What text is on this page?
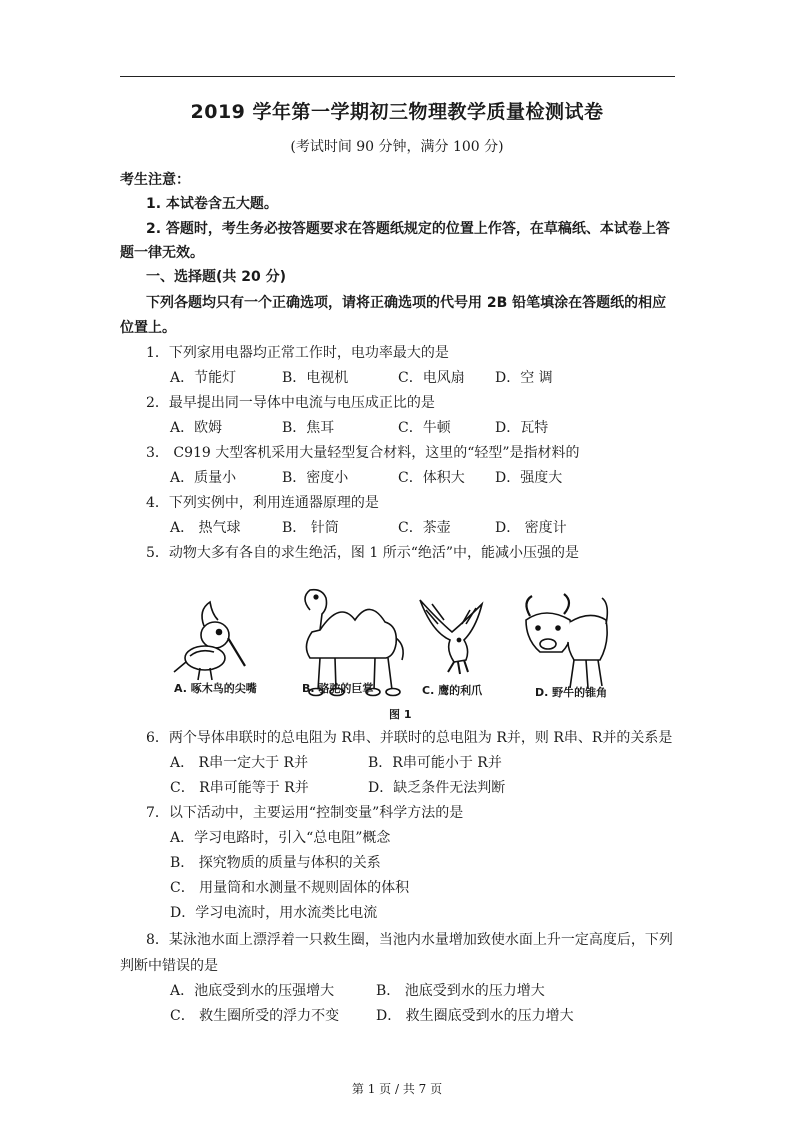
2019 学年第一学期初三物理教学质量检测试卷
(考试时间 90 分钟，满分 100 分)
考生注意：
1. 本试卷含五大题。
2. 答题时，考生务必按答题要求在答题纸规定的位置上作答，在草稿纸、本试卷上答
题一律无效。
一、选择题(共 20 分)
下列各题均只有一个正确选项，请将正确选项的代号用 2B 铅笔填涂在答题纸的相应
位置上。
1．下列家用电器均正常工作时，电功率最大的是
A．节能灯	B．电视机	C．电风扇 D．空 调
2．最早提出同一导体中电流与电压成正比的是
A．欧姆	B．焦耳	C．牛顿	D．瓦特
3． C919 大型客机采用大量轻型复合材料，这里的“轻型”是指材料的
A．质量小	B．密度小	C．体积大 D．强度大
4．下列实例中，利用连通器原理的是
A． 热气球	B． 针筒	C．茶壶	D． 密度计
5．动物大多有各自的求生绝活，图 1 所示“绝活”中，能减小压强的是
A. 啄木鸟的尖嘴	B. 骆驼的巨掌	C. 鹰的利爪	D. 野牛的锥角
图 1
6．两个导体串联时的总电阻为 R串、并联时的总电阻为 R并，则 R串、R并的关系是
A． R串一定大于 R并	B．R串可能小于 R并
C． R串可能等于 R并	D．缺乏条件无法判断
7．以下活动中，主要运用“控制变量”科学方法的是
A．学习电路时，引入“总电阻”概念
B． 探究物质的质量与体积的关系
C． 用量筒和水测量不规则固体的体积
D．学习电流时，用水流类比电流
8．某泳池水面上漂浮着一只救生圈，当池内水量增加致使水面上升一定高度后，下列
判断中错误的是
A．池底受到水的压强增大	B． 池底受到水的压力增大
C． 救生圈所受的浮力不变	D． 救生圈底受到水的压力增大
第 1 页 / 共 7 页
